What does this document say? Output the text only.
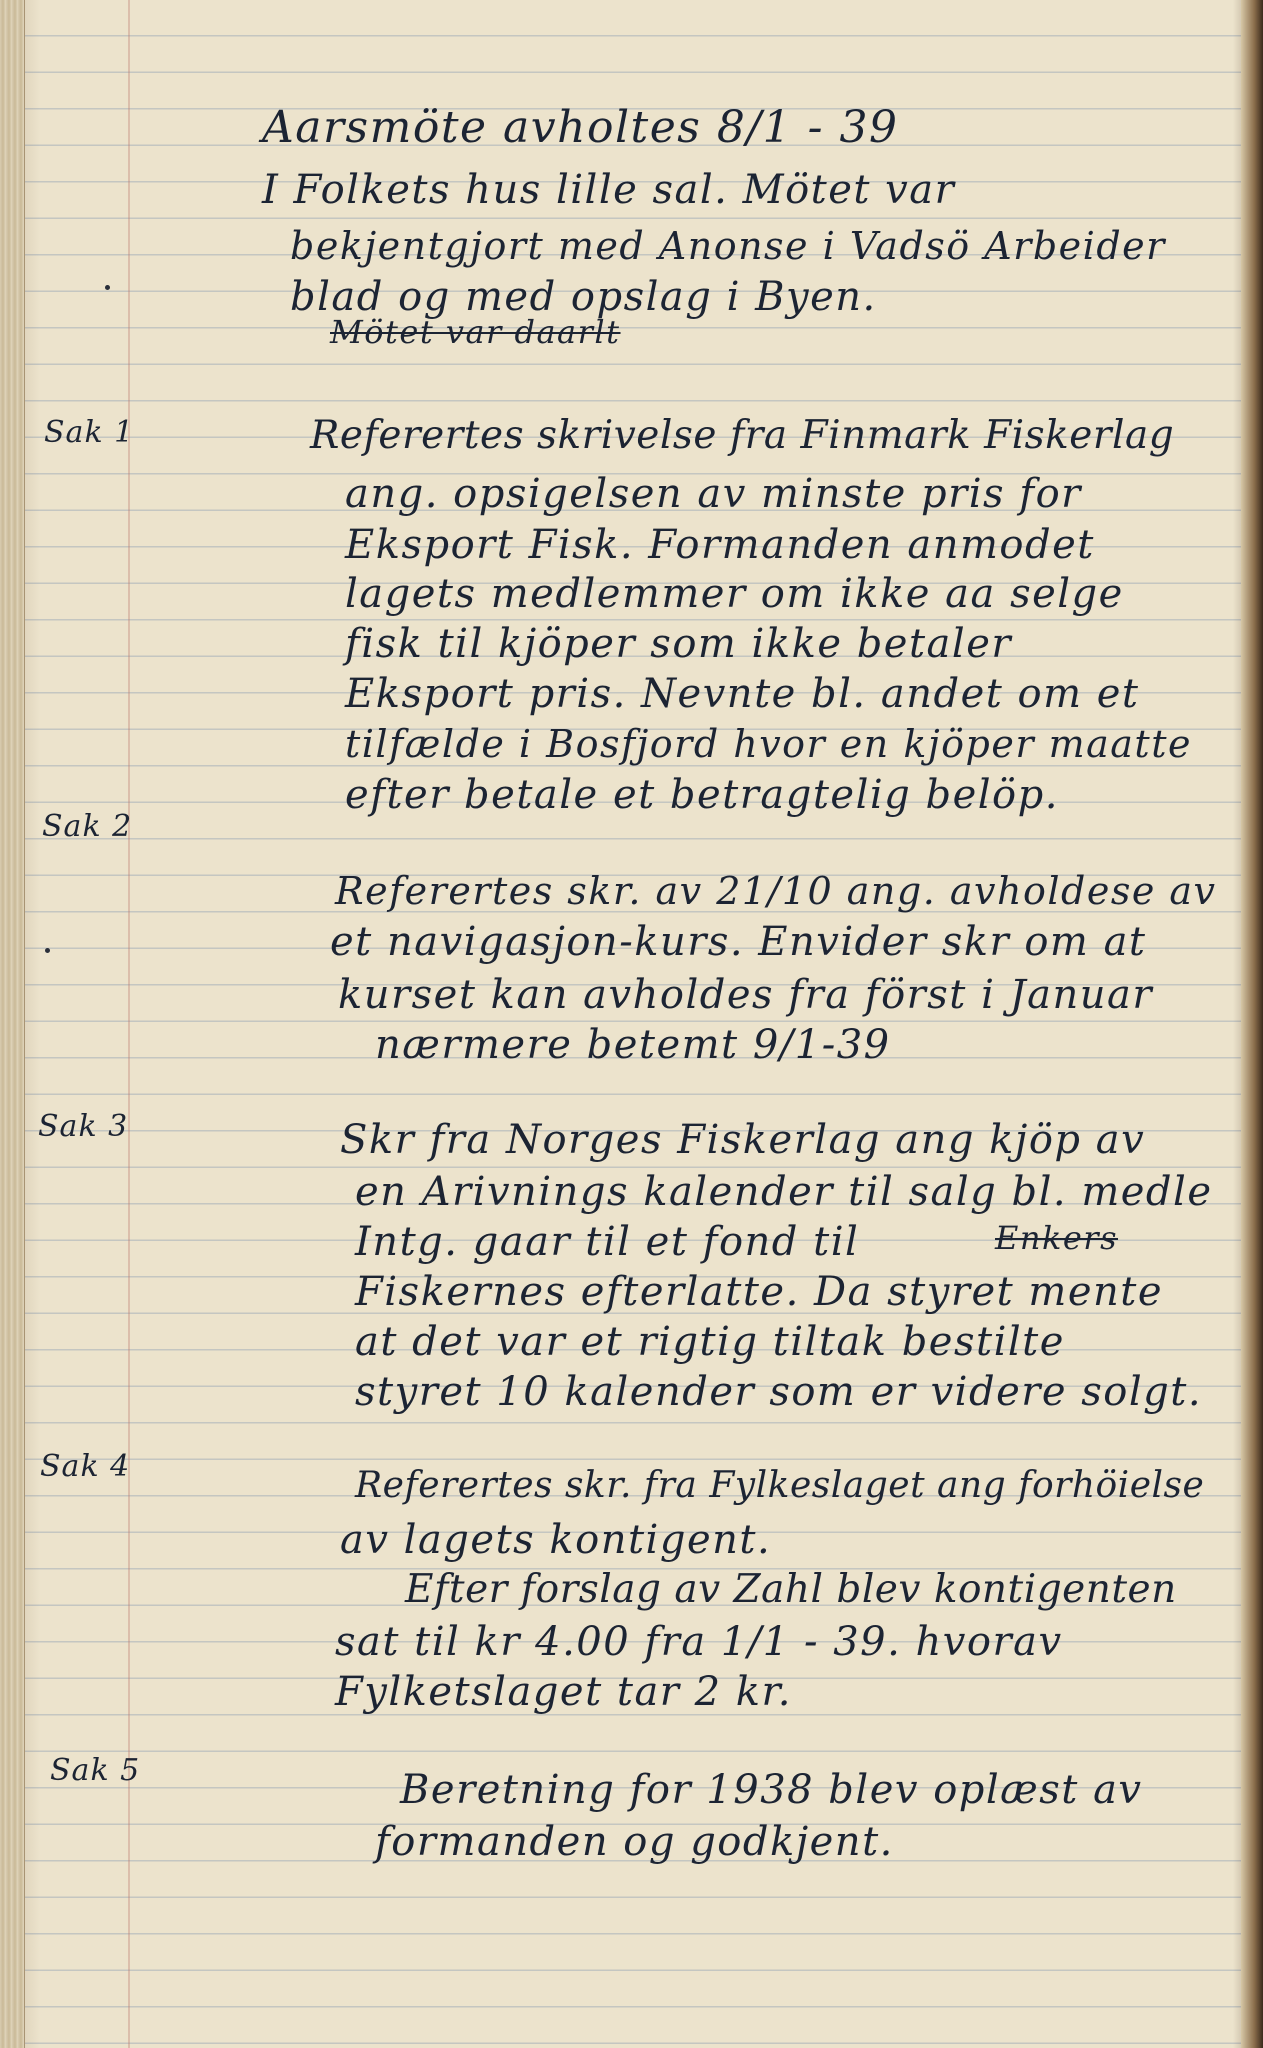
Aarsmöte avholtes 8/1 - 39
I Folkets hus lille sal. Mötet var
bekjentgjort med Anonse i Vadsö Arbeider
blad og med opslag i Byen.
Mötet var daarlt
Sak 1	Referertes skrivelse fra Finmark Fiskerlag
ang. opsigelsen av minste pris for
Eksport Fisk. Formanden anmodet
lagets medlemmer om ikke aa selge
fisk til kjöper som ikke betaler
Eksport pris. Nevnte bl. andet om et
tilfælde i Bosfjord hvor en kjöper maatte
efter betale et betragtelig belöp.
Sak 2
Referertes skr. av 21/10 ang. avholdese av
et navigasjon-kurs. Envider skr om at
kurset kan avholdes fra först i Januar
nærmere betemt 9/1-39
Sak 3	Skr fra Norges Fiskerlag ang kjöp av
en Arivnings kalender til salg bl. medle
Intg. gaar til et fond til	Enkers
Fiskernes efterlatte. Da styret mente
at det var et rigtig tiltak bestilte
styret 10 kalender som er videre solgt.
Sak 4	Referertes skr. fra Fylkeslaget ang forhöielse
av lagets kontigent.
Efter forslag av Zahl blev kontigenten
sat til kr 4.00 fra 1/1 - 39. hvorav
Fylketslaget tar 2 kr.
Sak 5	Beretning for 1938 blev oplæst av
formanden og godkjent.
